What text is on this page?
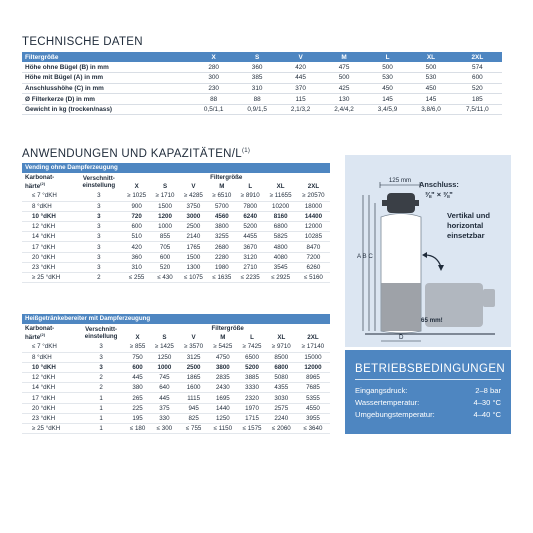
TECHNISCHE DATEN
Filtergröße	X	S	V	M	L	XL	2XL
Höhe ohne Bügel (B) in mm	280	360	420	475	500	500	574
Höhe mit Bügel (A) in mm	300	385	445	500	530	530	600
Anschlusshöhe (C) in mm	230	310	370	425	450	450	520
Ø Filterkerze (D) in mm	88	88	115	130	145	145	185
Gewicht in kg (trocken/nass)	0,5/1,1	0,9/1,5	2,1/3,2	2,4/4,2	3,4/5,9	3,8/6,0	7,5/11,0
ANWENDUNGEN UND KAPAZITÄTEN/$L^{(1)}$
Vending ohne Dampferzeugung
Karbonat-
härte$^{(2)}$	Verschnitt-
einstellung	Filtergröße						
		X	S	V	M	L	XL	2XL
≤ 7 °dKH	3	≥ 1025	≥ 1710	≥ 4285	≥ 6510	≥ 8910	≥ 11655	≥ 20570
8 °dKH	3	900	1500	3750	5700	7800	10200	18000
10 °dKH	3	720	1200	3000	4560	6240	8160	14400
12 °dKH	3	600	1000	2500	3800	5200	6800	12000
14 °dKH	3	510	855	2140	3255	4455	5825	10285
17 °dKH	3	420	705	1765	2680	3670	4800	8470
20 °dKH	3	360	600	1500	2280	3120	4080	7200
23 °dKH	3	310	520	1300	1980	2710	3545	6260
≥ 25 °dKH	2	≤ 255	≤ 430	≤ 1075	≤ 1635	≤ 2235	≤ 2925	≤ 5160
Heißgetränkebereiter mit Dampferzeugung
Karbonat-
härte$^{(2)}$	Verschnitt-
einstellung	Filtergröße						
		X	S	V	M	L	XL	2XL
≤ 7 °dKH	3	≥ 855	≥ 1425	≥ 3570	≥ 5425	≥ 7425	≥ 9710	≥ 17140
8 °dKH	3	750	1250	3125	4750	6500	8500	15000
10 °dKH	3	600	1000	2500	3800	5200	6800	12000
12 °dKH	2	445	745	1865	2835	3885	5080	8965
14 °dKH	2	380	640	1600	2430	3330	4355	7685
17 °dKH	1	265	445	1115	1695	2320	3030	5355
20 °dKH	1	225	375	945	1440	1970	2575	4550
23 °dKH	1	195	330	825	1250	1715	2240	3955
≥ 25 °dKH	1	≤ 180	≤ 300	≤ 755	≤ 1150	≤ 1575	≤ 2060	≤ 3640
125 mm
A B C
D
65 mm!
Anschluss:
⅜" × ⅜"
Vertikal und
horizontal
einsetzbar
BETRIEBSBEDINGUNGEN
Eingangsdruck:	2–8 bar
Wassertemperatur:	4–30 °C
Umgebungstemperatur:	4–40 °C
